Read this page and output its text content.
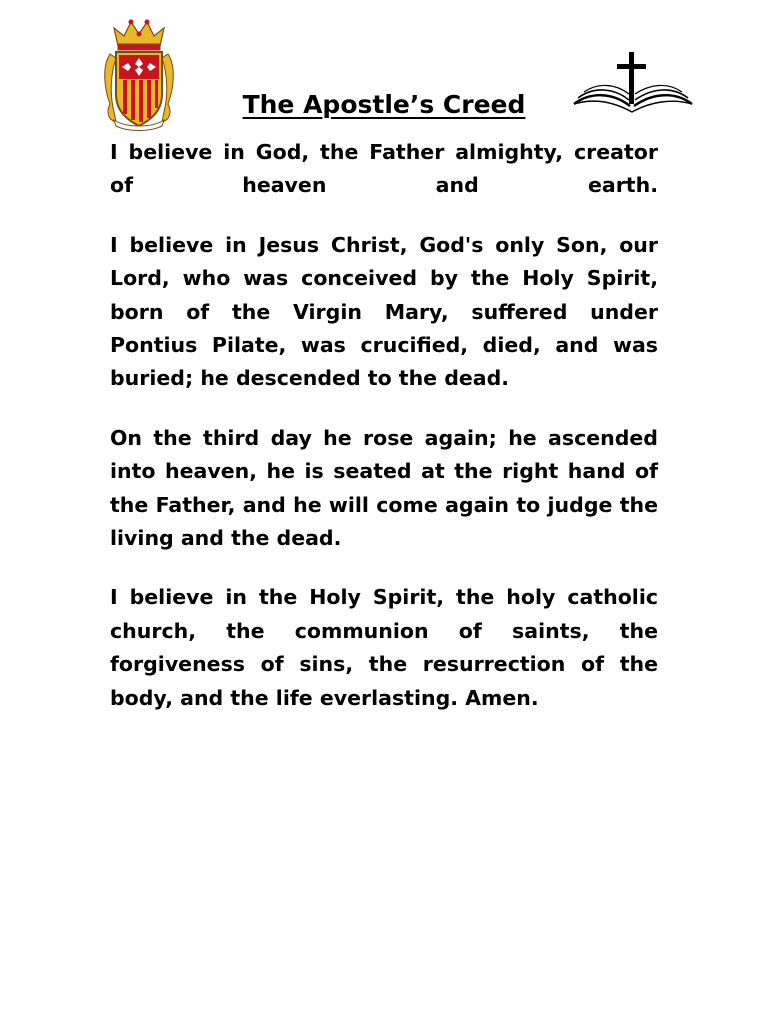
The Apostle’s Creed

I believe in God, the Father almighty, creator of heaven and earth.

I believe in Jesus Christ, God's only Son, our Lord, who was conceived by the Holy Spirit, born of the Virgin Mary, suffered under Pontius Pilate, was crucified, died, and was buried; he descended to the dead.

On the third day he rose again; he ascended into heaven, he is seated at the right hand of the Father, and he will come again to judge the living and the dead.

I believe in the Holy Spirit, the holy catholic church, the communion of saints, the forgiveness of sins, the resurrection of the body, and the life everlasting. Amen.
